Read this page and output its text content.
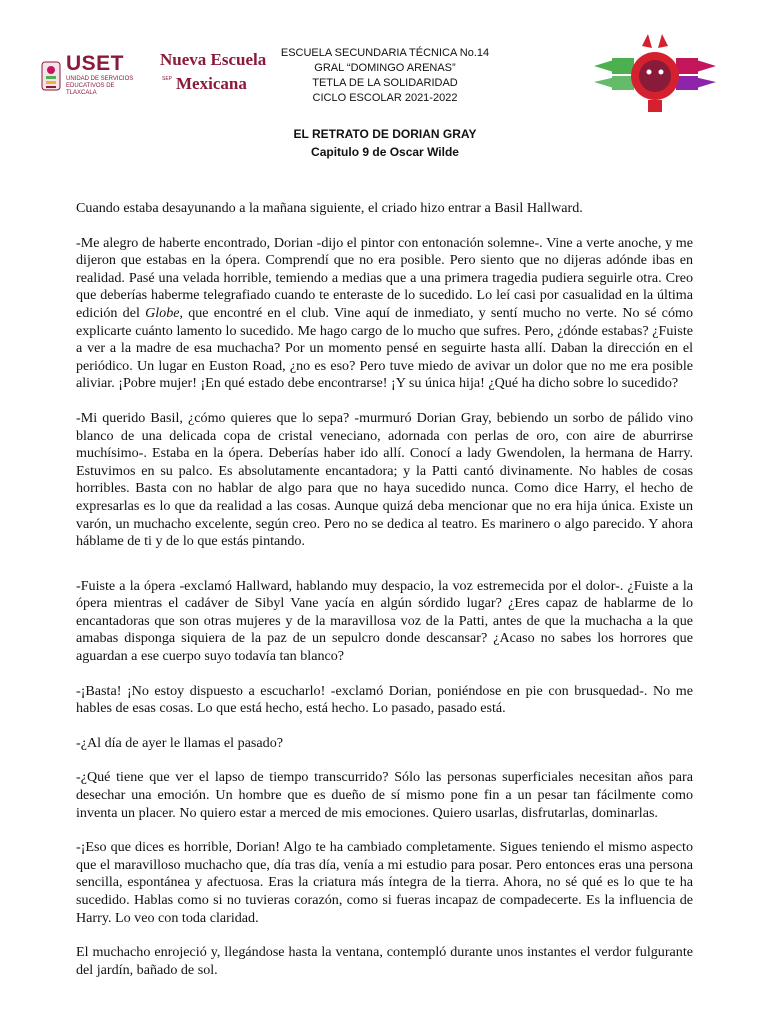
USET
UNIDAD DE SERVICIOS EDUCATIVOS DE TLAXCALA
Nueva Escuela
SEP Mexicana
ESCUELA SECUNDARIA TÉCNICA No.14
GRAL “DOMINGO ARENAS”
TETLA DE LA SOLIDARIDAD
CICLO ESCOLAR 2021-2022
EL RETRATO DE DORIAN GRAY
Capitulo 9 de Oscar Wilde

Cuando estaba desayunando a la mañana siguiente, el criado hizo entrar a Basil Hallward.

-Me alegro de haberte encontrado, Dorian -dijo el pintor con entonación solemne-. Vine a verte anoche, y me dijeron que estabas en la ópera. Comprendí que no era posible. Pero siento que no dijeras adónde ibas en realidad. Pasé una velada horrible, temiendo a medias que a una primera tragedia pudiera seguirle otra. Creo que deberías haberme telegrafiado cuando te enteraste de lo sucedido. Lo leí casi por casualidad en la última edición del Globe, que encontré en el club. Vine aquí de inmediato, y sentí mucho no verte. No sé cómo explicarte cuánto lamento lo sucedido. Me hago cargo de lo mucho que sufres. Pero, ¿dónde estabas? ¿Fuiste a ver a la madre de esa muchacha? Por un momento pensé en seguirte hasta allí. Daban la dirección en el periódico. Un lugar en Euston Road, ¿no es eso? Pero tuve miedo de avivar un dolor que no me era posible aliviar. ¡Pobre mujer! ¡En qué estado debe encontrarse! ¡Y su única hija! ¿Qué ha dicho sobre lo sucedido?

-Mi querido Basil, ¿cómo quieres que lo sepa? -murmuró Dorian Gray, bebiendo un sorbo de pálido vino blanco de una delicada copa de cristal veneciano, adornada con perlas de oro, con aire de aburrirse muchísimo-. Estaba en la ópera. Deberías haber ido allí. Conocí a lady Gwendolen, la hermana de Harry. Estuvimos en su palco. Es absolutamente encantadora; y la Patti cantó divinamente. No hables de cosas horribles. Basta con no hablar de algo para que no haya sucedido nunca. Como dice Harry, el hecho de expresarlas es lo que da realidad a las cosas. Aunque quizá deba mencionar que no era hija única. Existe un varón, un muchacho excelente, según creo. Pero no se dedica al teatro. Es marinero o algo parecido. Y ahora háblame de ti y de lo que estás pintando.

-Fuiste a la ópera -exclamó Hallward, hablando muy despacio, la voz estremecida por el dolor-. ¿Fuiste a la ópera mientras el cadáver de Sibyl Vane yacía en algún sórdido lugar? ¿Eres capaz de hablarme de lo encantadoras que son otras mujeres y de la maravillosa voz de la Patti, antes de que la muchacha a la que amabas disponga siquiera de la paz de un sepulcro donde descansar? ¿Acaso no sabes los horrores que aguardan a ese cuerpo suyo todavía tan blanco?

-¡Basta! ¡No estoy dispuesto a escucharlo! -exclamó Dorian, poniéndose en pie con brusquedad-. No me hables de esas cosas. Lo que está hecho, está hecho. Lo pasado, pasado está.

-¿Al día de ayer le llamas el pasado?

-¿Qué tiene que ver el lapso de tiempo transcurrido? Sólo las personas superficiales necesitan años para desechar una emoción. Un hombre que es dueño de sí mismo pone fin a un pesar tan fácilmente como inventa un placer. No quiero estar a merced de mis emociones. Quiero usarlas, disfrutarlas, dominarlas.

-¡Eso que dices es horrible, Dorian! Algo te ha cambiado completamente. Sigues teniendo el mismo aspecto que el maravilloso muchacho que, día tras día, venía a mi estudio para posar. Pero entonces eras una persona sencilla, espontánea y afectuosa. Eras la criatura más íntegra de la tierra. Ahora, no sé qué es lo que te ha sucedido. Hablas como si no tuvieras corazón, como si fueras incapaz de compadecerte. Es la influencia de Harry. Lo veo con toda claridad.

El muchacho enrojeció y, llegándose hasta la ventana, contempló durante unos instantes el verdor fulgurante del jardín, bañado de sol.
